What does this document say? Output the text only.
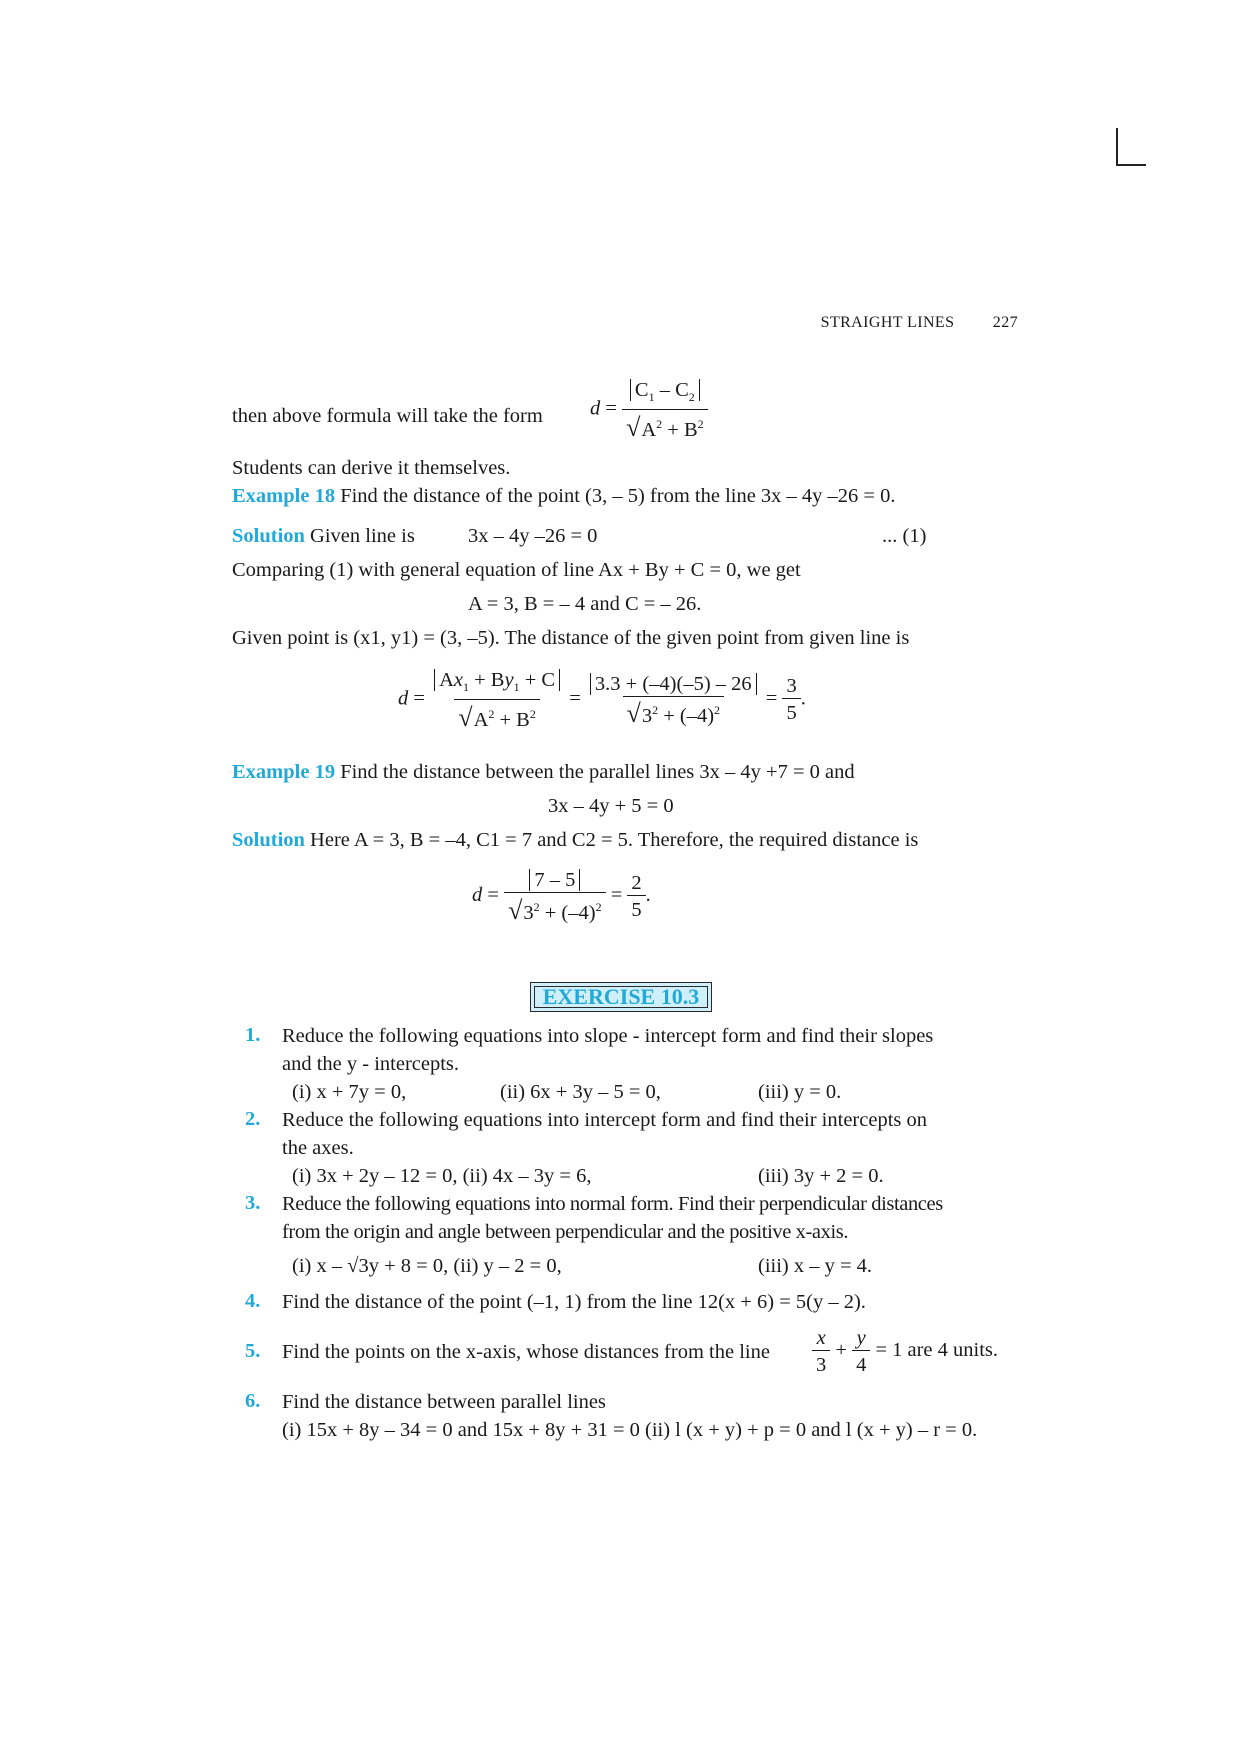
STRAIGHT LINES 227
then above formula will take the form $d = C_1 - C_2$
√ $A^2 + B^2$
Students can derive it themselves.
Example 18 Find the distance of the point (3, – 5) from the line 3x – 4y –26 = 0.
Solution Given line is	3x – 4y –26 = 0	... (1)
Comparing (1) with general equation of line Ax + By + C = 0, we get
A = 3, B = – 4 and C = – 26.
Given point is (x1, y1) = (3, –5). The distance of the given point from given line is
$d = Ax_1 + By_1 + C$
√ $A^2 + B^2 = 3.3 + (-4)(-5) - 26$
√ $3^2 + (-4)^2 = \frac{3}{5}$ .
Example 19 Find the distance between the parallel lines 3x – 4y +7 = 0 and
3x – 4y + 5 = 0
Solution Here A = 3, B = –4, C1 = 7 and C2 = 5. Therefore, the required distance is
d = 7 – 5
√ $3^2 + (-4)^2 = \frac{2}{5}$ .
EXERCISE 10.3
1. Reduce the following equations into slope - intercept form and find their slopes
and the y - intercepts.
(i) x + 7y = 0,	(ii) 6x + 3y – 5 = 0,	(iii) y = 0.
2. Reduce the following equations into intercept form and find their intercepts on
the axes.
(i) 3x + 2y – 12 = 0, (ii) 4x – 3y = 6,	(iii) 3y + 2 = 0.
3. Reduce the following equations into normal form. Find their perpendicular distances
from the origin and angle between perpendicular and the positive x-axis.
(i) x – √3y + 8 = 0, (ii) y – 2 = 0,	(iii) x – y = 4.
4. Find the distance of the point (–1, 1) from the line 12(x + 6) = 5(y – 2).
5. Find the points on the x-axis, whose distances from the line $\frac{x}{3} + \frac{y}{4} = 1$ are 4 units.
6. Find the distance between parallel lines
(i) 15x + 8y – 34 = 0 and 15x + 8y + 31 = 0 (ii) l (x + y) + p = 0 and l (x + y) – r = 0.
